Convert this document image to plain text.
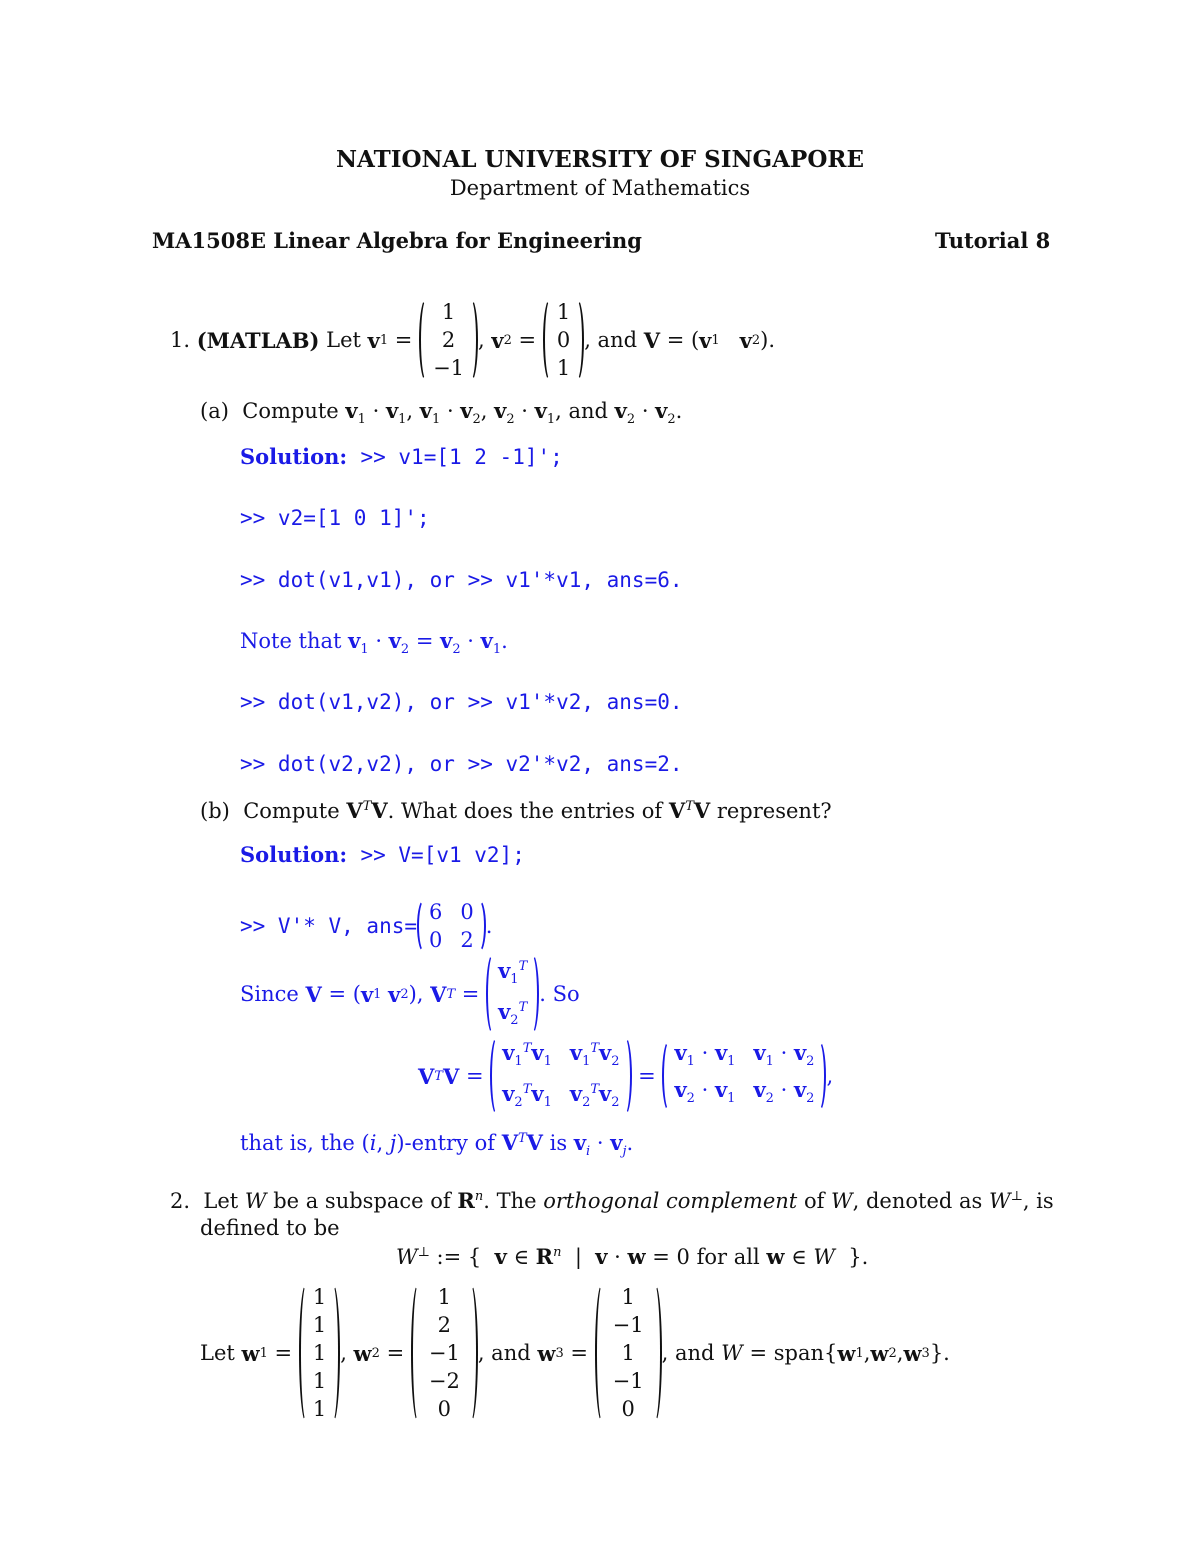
NATIONAL UNIVERSITY OF SINGAPORE
Department of Mathematics
MA1508E Linear Algebra for Engineering	Tutorial 8
1.
(MATLAB)
Let
v 1 =
1
2
−1
, v 2 =
1
0
1
, and
V = ( v 1
v 2 ).
(a) Compute $v_1 \cdot v_1$, $v_1 \cdot v_2$, $v_2 \cdot v_1$, and $v_2 \cdot v_2$.
Solution: >> v1=[1 2 -1]';
>> v2=[1 0 1]';
>> dot(v1,v1), or >> v1'*v1, ans=6.
Note that $v_1 \cdot v_2 = v_2 \cdot v_1$.
>> dot(v1,v2), or >> v1'*v2, ans=0.
>> dot(v2,v2), or >> v2'*v2, ans=2.
(b) Compute $V^TV$. What does the entries of $V^TV$ represent?
Solution: >> V=[v1 v2];
>> V'* V, ans=
6 0
0 2
.
Since
V = ( v 1
v 2 ), V T =
$v_1^T$
$v_2^T$
. So
V T V =
$v_1^Tv_1$ $v_1^Tv_2$
$v_2^Tv_1$ $v_2^Tv_2$
=
$v_1 \cdot v_1$ $v_1 \cdot v_2$
$v_2 \cdot v_1$ $v_2 \cdot v_2$
,
that is, the (i, j)-entry of $V^TV$ is $v_i \cdot v_j$.
2. Let W be a subspace of $R^n$. The orthogonal complement of W, denoted as W⊥, is
defined to be
W⊥ := {  v ∈ $R^n$  |  v · w = 0 for all w ∈ W  }.
Let
w 1 =
1
1
1
1
1
, w 2 =
1
2
−1
−2
0
, and
w 3 =
1
−1
1
−1
0
, and
W = span { w 1 , w 2 , w 3 }.
